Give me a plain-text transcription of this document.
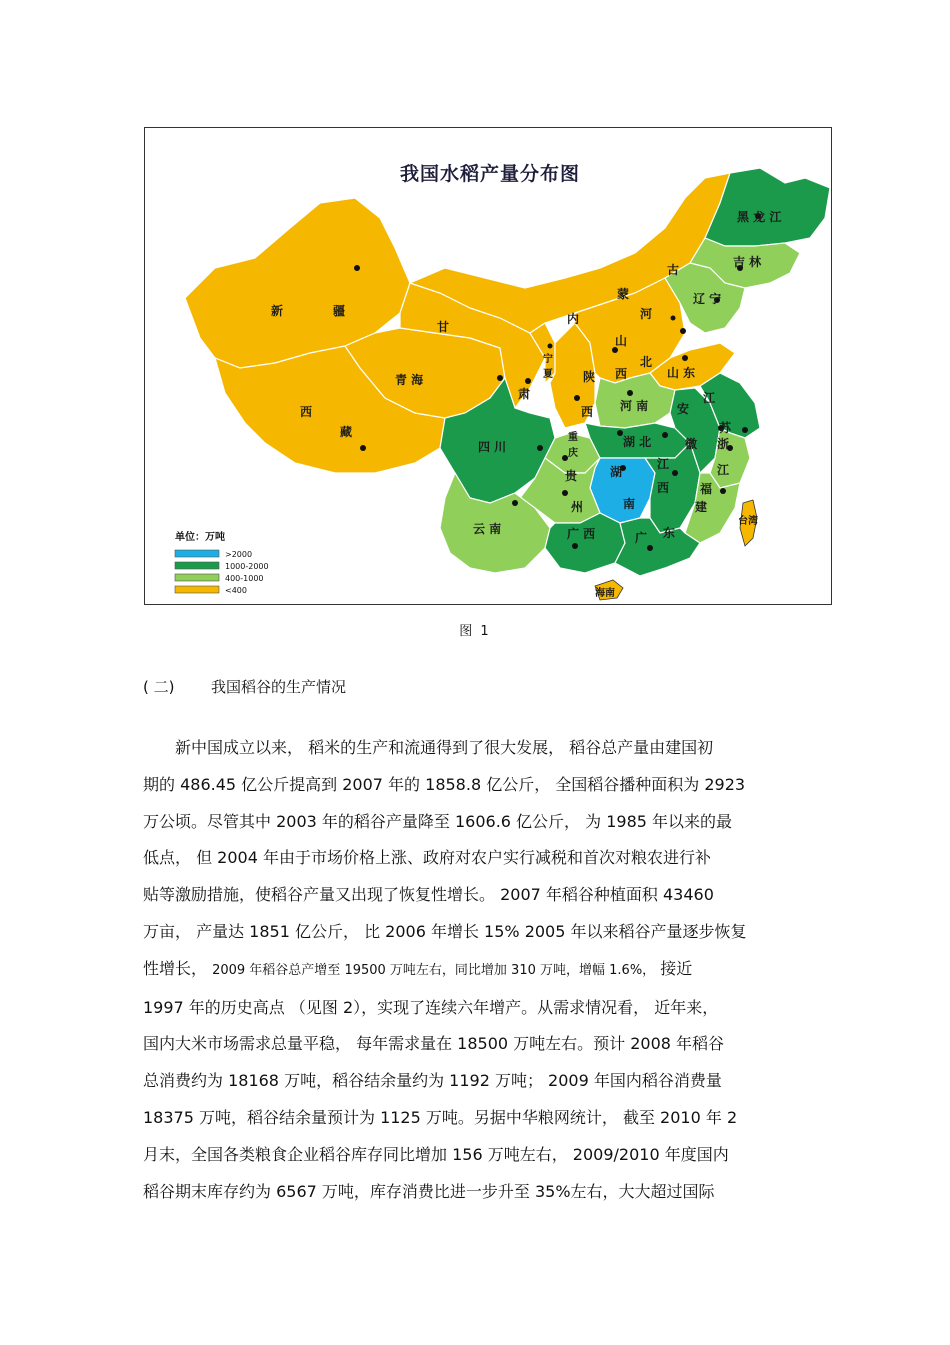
我国水稻产量分布图
黑 龙 江
吉 林
辽 宁
古
蒙
内
新	疆
甘
肃
青 海
西
藏
宁
夏
河
北
山
西	山 东
陕
西 河 南
江
苏
安
徽
四 川
重
庆
湖 北	浙
江
湖
南
江
西
贵
州
福
建
云 南	广 西	广 东
台湾
海南
单位：万吨
>2000
1000-2000
400-1000
<400
图 1
( 二) 我国稻谷的生产情况

　　新中国成立以来， 稻米的生产和流通得到了很大发展， 稻谷总产量由建国初

期的 486.45 亿公斤提高到 2007 年的 1858.8 亿公斤， 全国稻谷播种面积为 2923

万公顷。尽管其中 2003 年的稻谷产量降至 1606.6 亿公斤， 为 1985 年以来的最

低点， 但 2004 年由于市场价格上涨、政府对农户实行减税和首次对粮农进行补

贴等激励措施，使稻谷产量又出现了恢复性增长。 2007 年稻谷种植面积 43460

万亩， 产量达 1851 亿公斤， 比 2006 年增长 15% 2005 年以来稻谷产量逐步恢复

性增长， 2009 年稻谷总产增至 19500 万吨左右，同比增加 310 万吨，增幅 1.6%， 接近

1997 年的历史高点 （见图 2），实现了连续六年增产。从需求情况看， 近年来，

国内大米市场需求总量平稳， 每年需求量在 18500 万吨左右。预计 2008 年稻谷

总消费约为 18168 万吨，稻谷结余量约为 1192 万吨； 2009 年国内稻谷消费量

18375 万吨，稻谷结余量预计为 1125 万吨。另据中华粮网统计， 截至 2010 年 2

月末，全国各类粮食企业稻谷库存同比增加 156 万吨左右， 2009/2010 年度国内

稻谷期末库存约为 6567 万吨，库存消费比进一步升至 35%左右，大大超过国际
